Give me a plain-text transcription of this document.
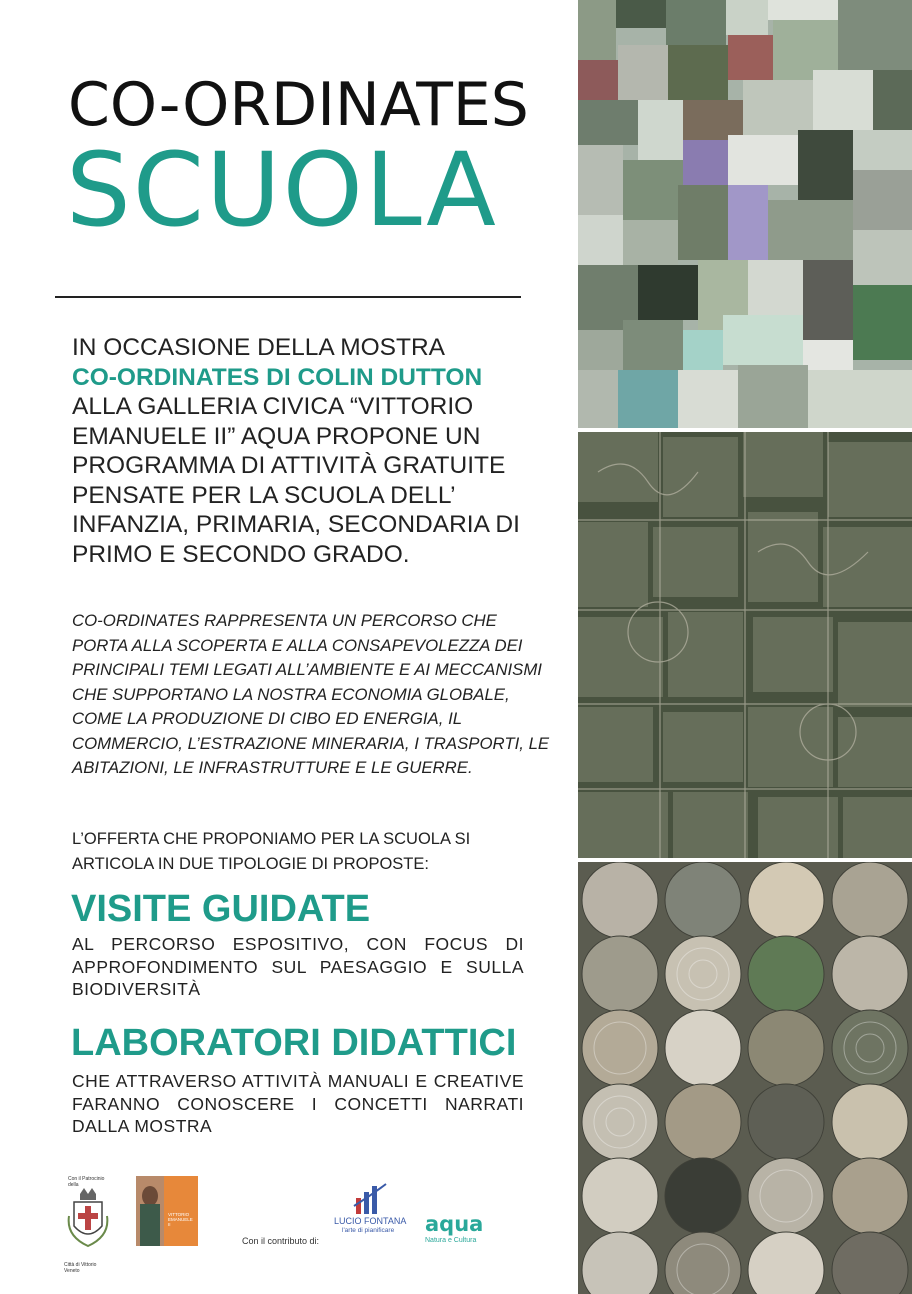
CO-ORDINATES
SCUOLA
IN OCCASIONE DELLA MOSTRA
CO-ORDINATES DI COLIN DUTTON
ALLA GALLERIA CIVICA “VITTORIO EMANUELE II” AQUA PROPONE UN PROGRAMMA DI ATTIVITÀ GRATUITE PENSATE PER LA SCUOLA DELL’ INFANZIA, PRIMARIA, SECONDARIA DI PRIMO E SECONDO GRADO.
CO-ORDINATES RAPPRESENTA UN PERCORSO CHE PORTA ALLA SCOPERTA E ALLA CONSAPEVOLEZZA DEI PRINCIPALI TEMI LEGATI ALL’AMBIENTE E AI MECCANISMI CHE SUPPORTANO LA NOSTRA ECONOMIA GLOBALE, COME LA PRODUZIONE DI CIBO ED ENERGIA, IL COMMERCIO, L’ESTRAZIONE MINERARIA, I TRASPORTI, LE ABITAZIONI, LE INFRASTRUTTURE E LE GUERRE.
L’OFFERTA CHE PROPONIAMO PER LA SCUOLA SI ARTICOLA IN DUE TIPOLOGIE DI PROPOSTE:
VISITE GUIDATE
AL PERCORSO ESPOSITIVO, CON FOCUS DI APPROFONDIMENTO SUL PAESAGGIO E SULLA BIODIVERSITÀ
LABORATORI DIDATTICI
CHE ATTRAVERSO ATTIVITÀ MANUALI E CREATIVE FARANNO CONOSCERE I CONCETTI NARRATI DALLA MOSTRA
Con il Patrocinio della
Città di Vittorio Veneto
VITTORIO EMANUELE II
Con il contributo di:
LUCIO FONTANA
l'arte di pianificare aqua
Natura e Cultura
